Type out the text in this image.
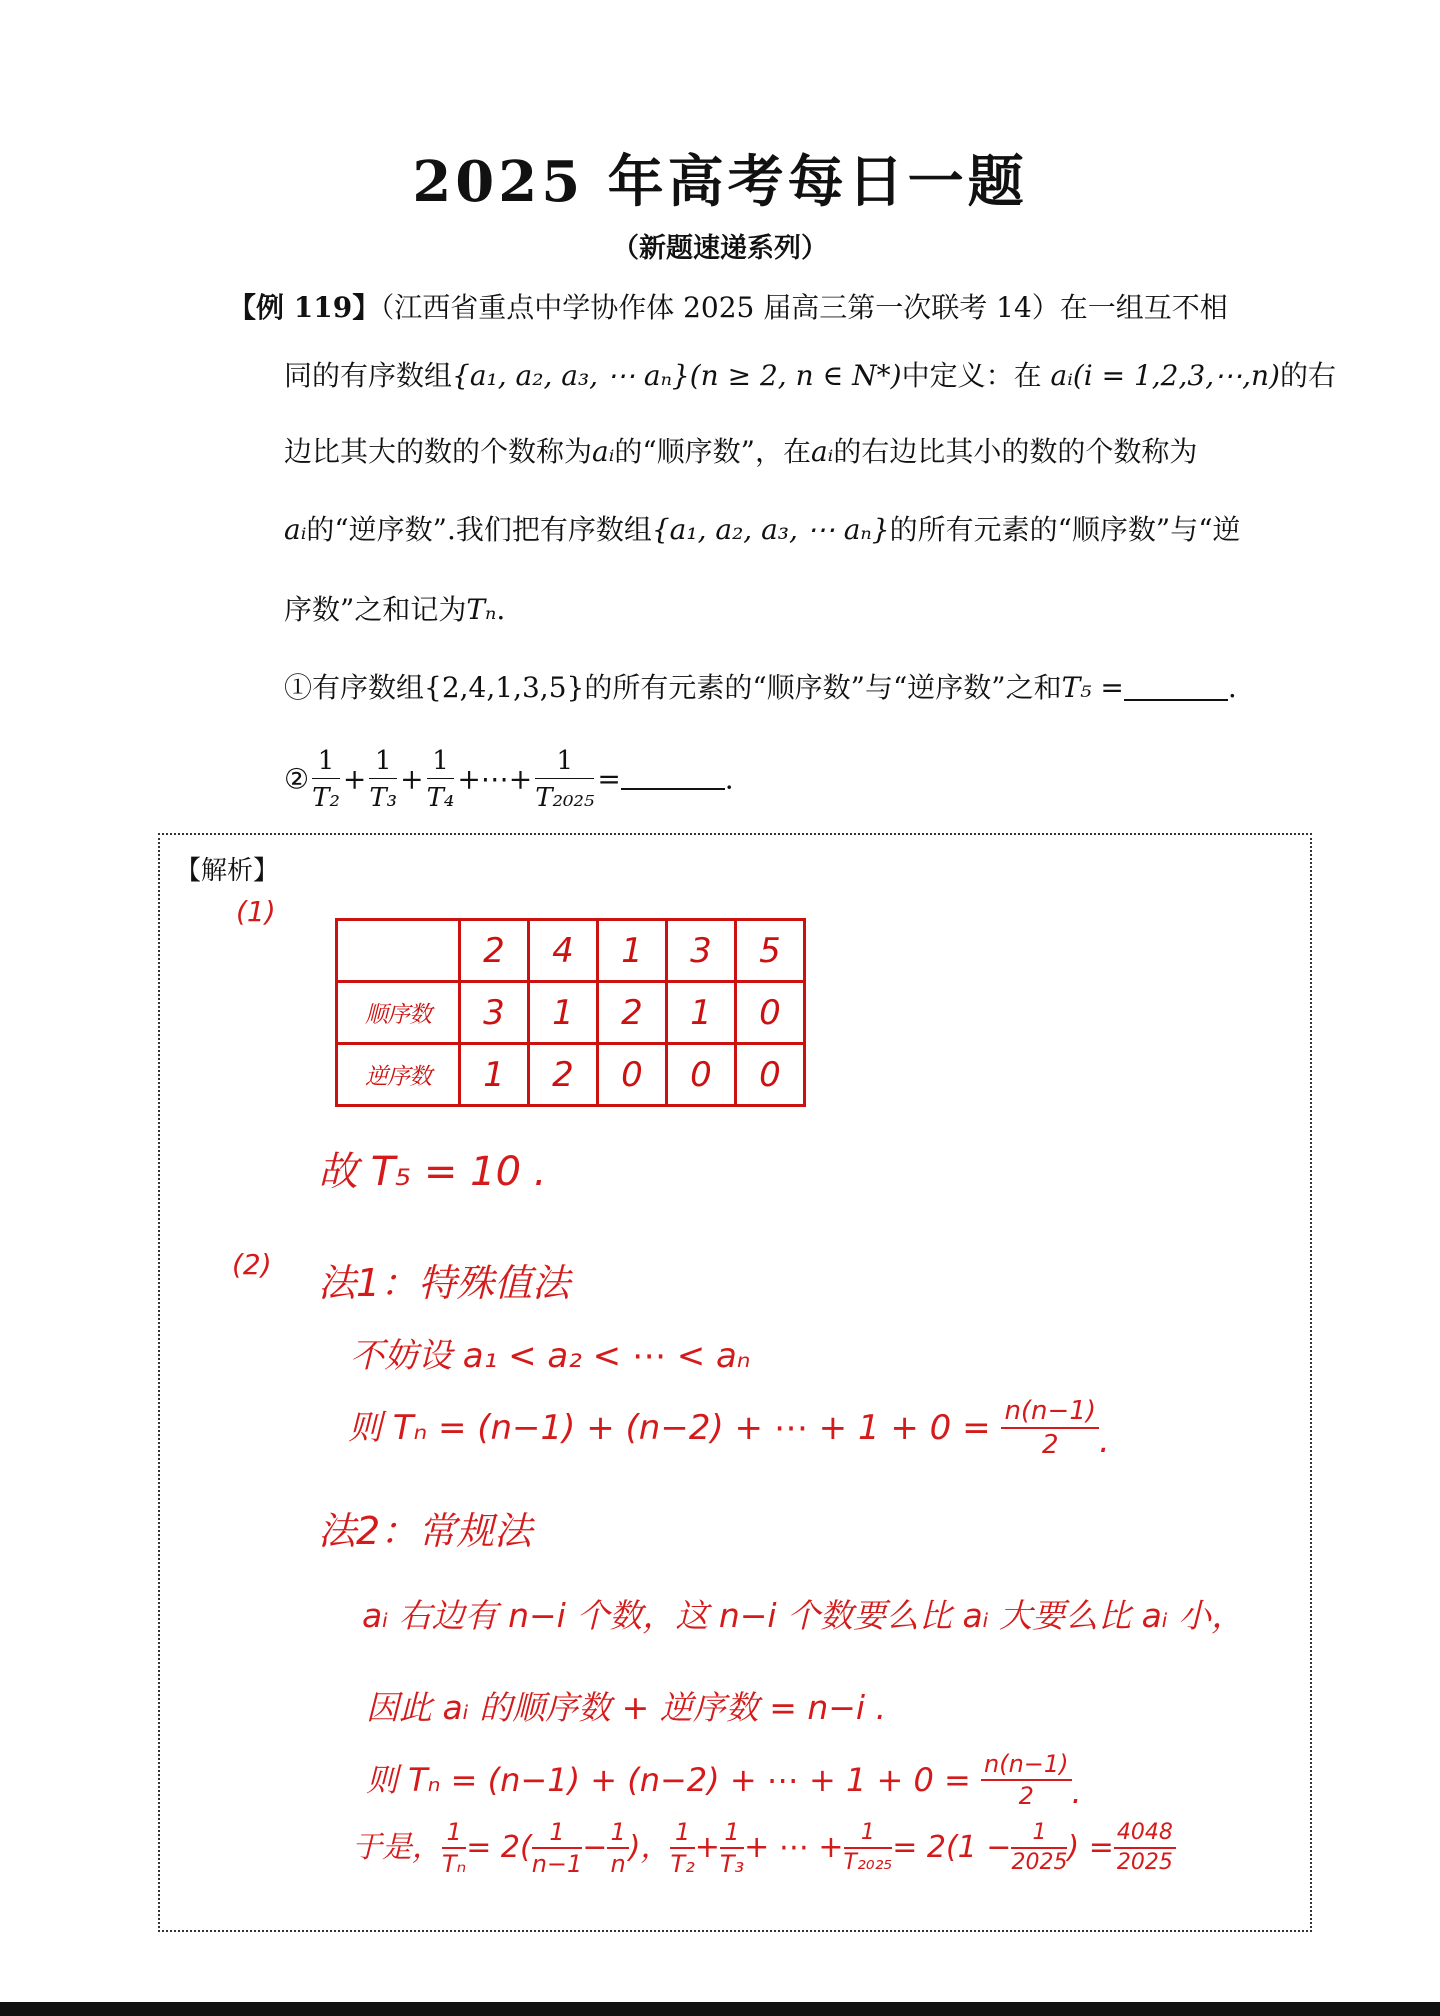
2025 年高考每日一题
（新题速递系列）
【例 119】（江西省重点中学协作体 2025 届高三第一次联考 14）在一组互不相
同的有序数组{a₁, a₂, a₃, ⋯ aₙ}(n ≥ 2, n ∈ N*)中定义：在 aᵢ(i = 1,2,3,⋯,n)的右
边比其大的数的个数称为aᵢ的“顺序数”，在aᵢ的右边比其小的数的个数称为
aᵢ的“逆序数”.我们把有序数组{a₁, a₂, a₃, ⋯ aₙ}的所有元素的“顺序数”与“逆
序数”之和记为Tₙ.
①有序数组{2,4,1,3,5}的所有元素的“顺序数”与“逆序数”之和T₅ =	.
② $\frac{1}{\text{T₂}} + \frac{1}{\text{T₃}} + \frac{1}{\text{T₄}}$ +⋯+ $\frac{1}{\text{T₂₀₂₅}}$ =	.
【解析】
(1)
	2	4	1	3	5
顺序数	3	1	2	1	0
逆序数	1	2	0	0	0
故 T₅ = 10 .
(2) 法1：特殊值法
不妨设 a₁ < a₂ < ⋯ < aₙ
则 Tₙ = (n−1) + (n−2) + ⋯ + $1 + 0 = \frac{n(n-1)}{2}$ .
法2：常规法
aᵢ 右边有 n−i 个数，这 n−i 个数要么比 aᵢ 大要么比 aᵢ 小，
因此 aᵢ 的顺序数 + 逆序数 = n−i .
则 Tₙ = (n−1) + (n−2) + ⋯ + $1 + 0 = \frac{n(n-1)}{2}$ .
于是， $\frac{1}{\text{Tₙ}} = 2( \frac{1}{n-1} - \frac{1}{n}$ )， $\frac{1}{\text{T₂}} + \frac{1}{\text{T₃}}$ + ⋯ + $\frac{1}{\text{T₂₀₂₅}} = 2(1 - \frac{1}{2025}$ ) = $\frac{4048}{2025}$
